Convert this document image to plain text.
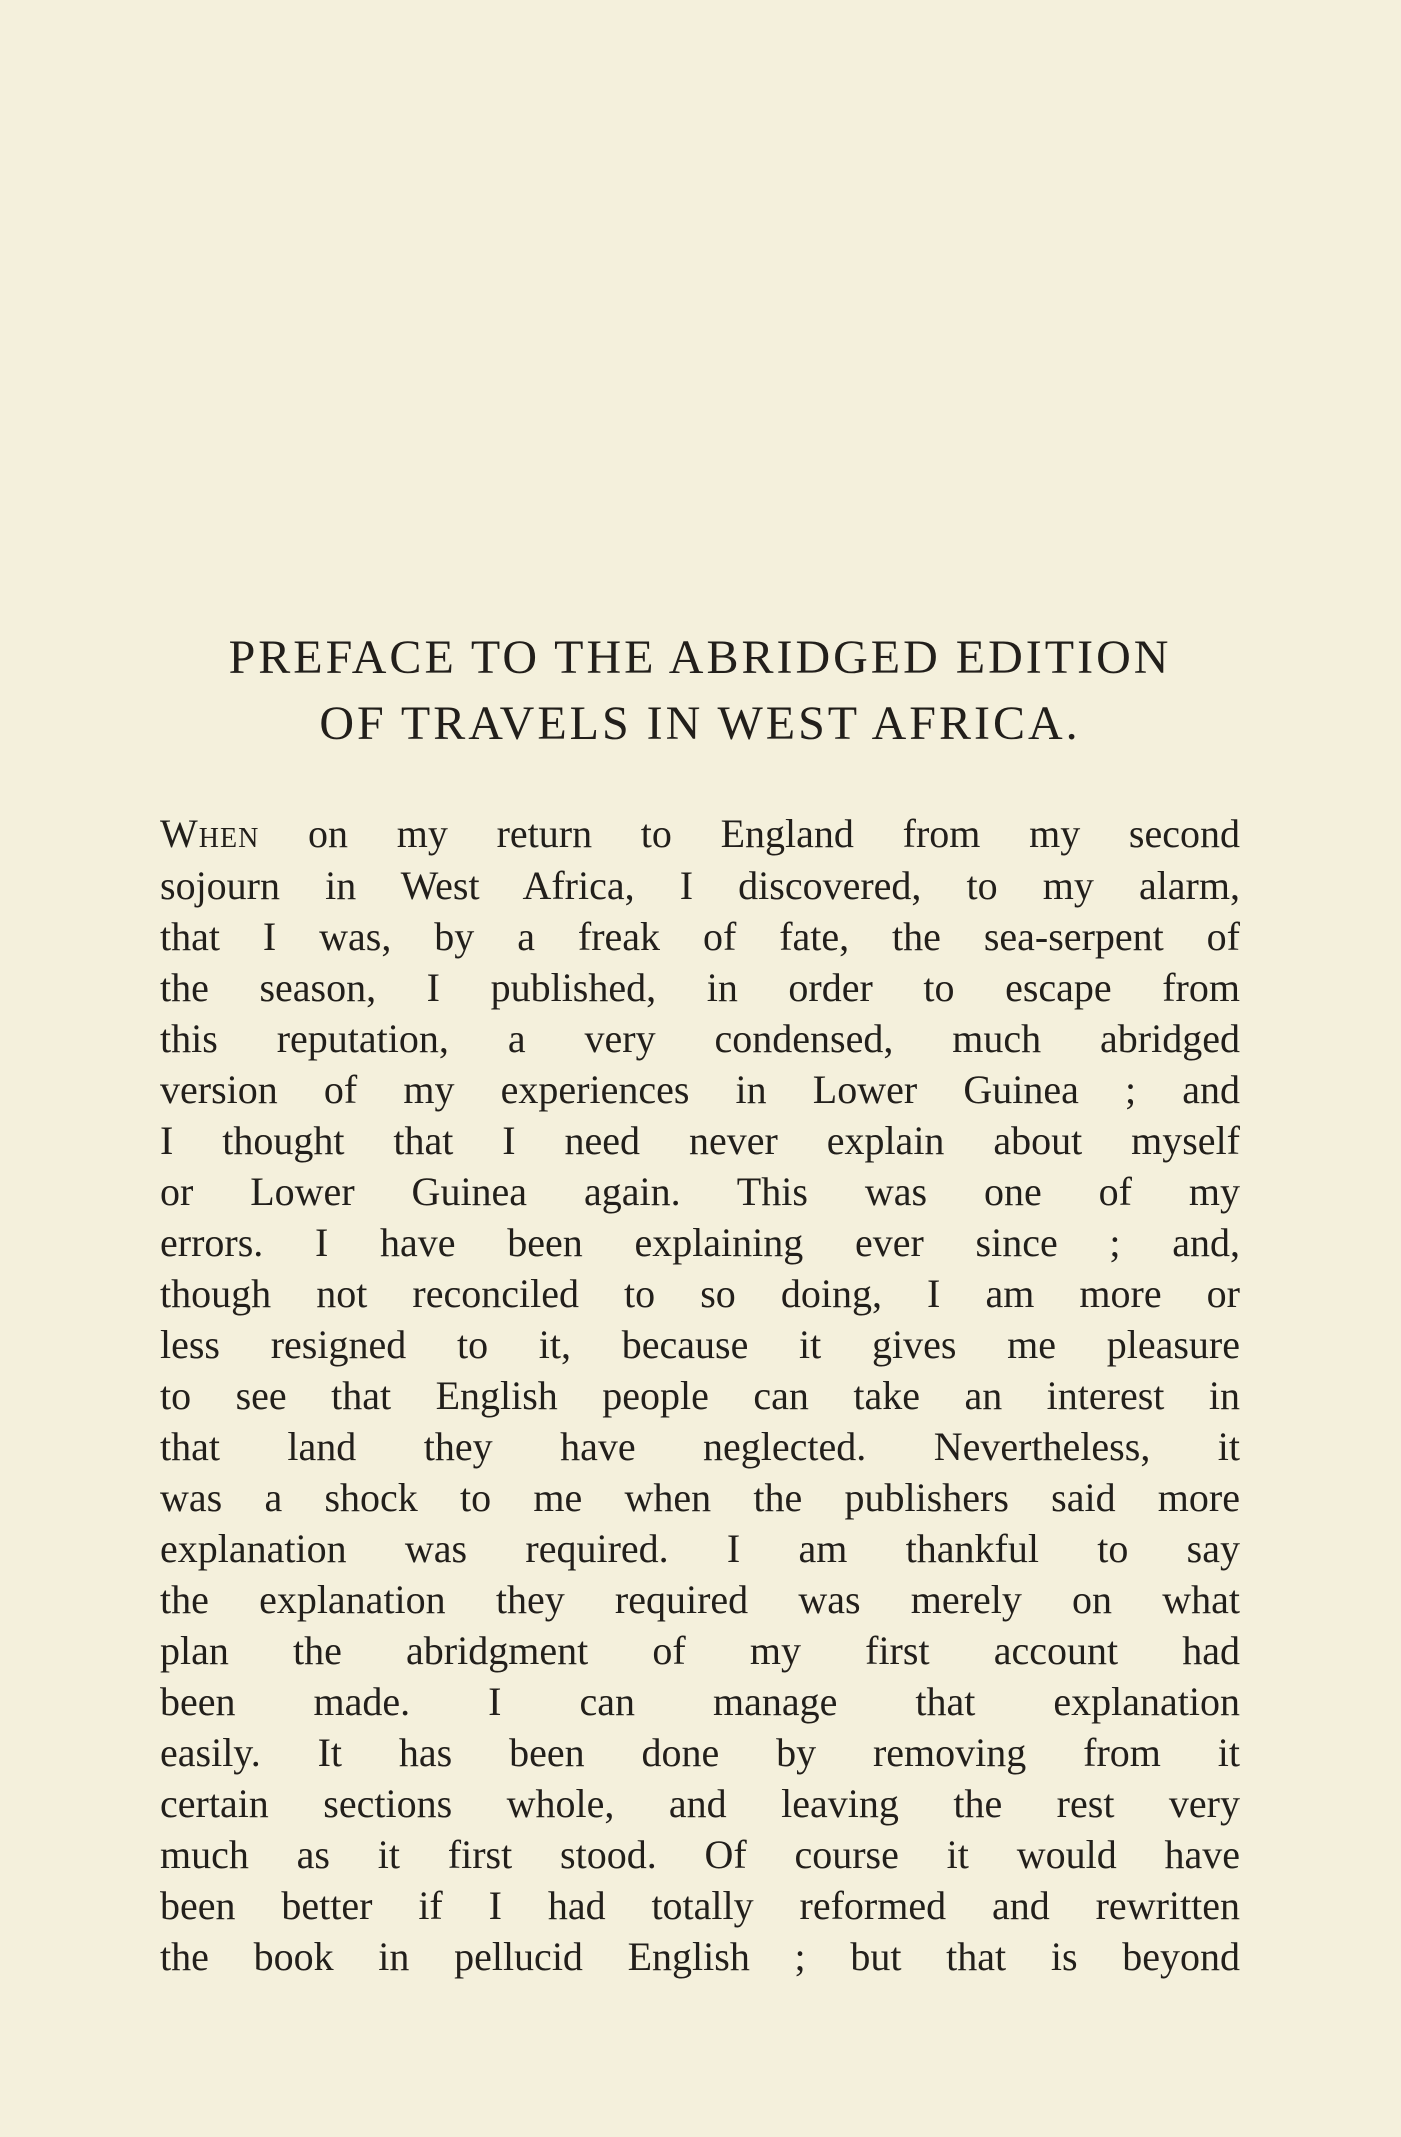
PREFACE TO THE ABRIDGED EDITION
OF TRAVELS IN WEST AFRICA.
When on my return to England from my second
sojourn in West Africa, I discovered, to my alarm,
that I was, by a freak of fate, the sea-serpent of
the season, I published, in order to escape from
this reputation, a very condensed, much abridged
version of my experiences in Lower Guinea ; and
I thought that I need never explain about myself
or Lower Guinea again. This was one of my
errors. I have been explaining ever since ; and,
though not reconciled to so doing, I am more or
less resigned to it, because it gives me pleasure
to see that English people can take an interest in
that land they have neglected. Nevertheless, it
was a shock to me when the publishers said more
explanation was required. I am thankful to say
the explanation they required was merely on what
plan the abridgment of my first account had
been made. I can manage that explanation
easily. It has been done by removing from it
certain sections whole, and leaving the rest very
much as it first stood. Of course it would have
been better if I had totally reformed and rewritten
the book in pellucid English ; but that is beyond
